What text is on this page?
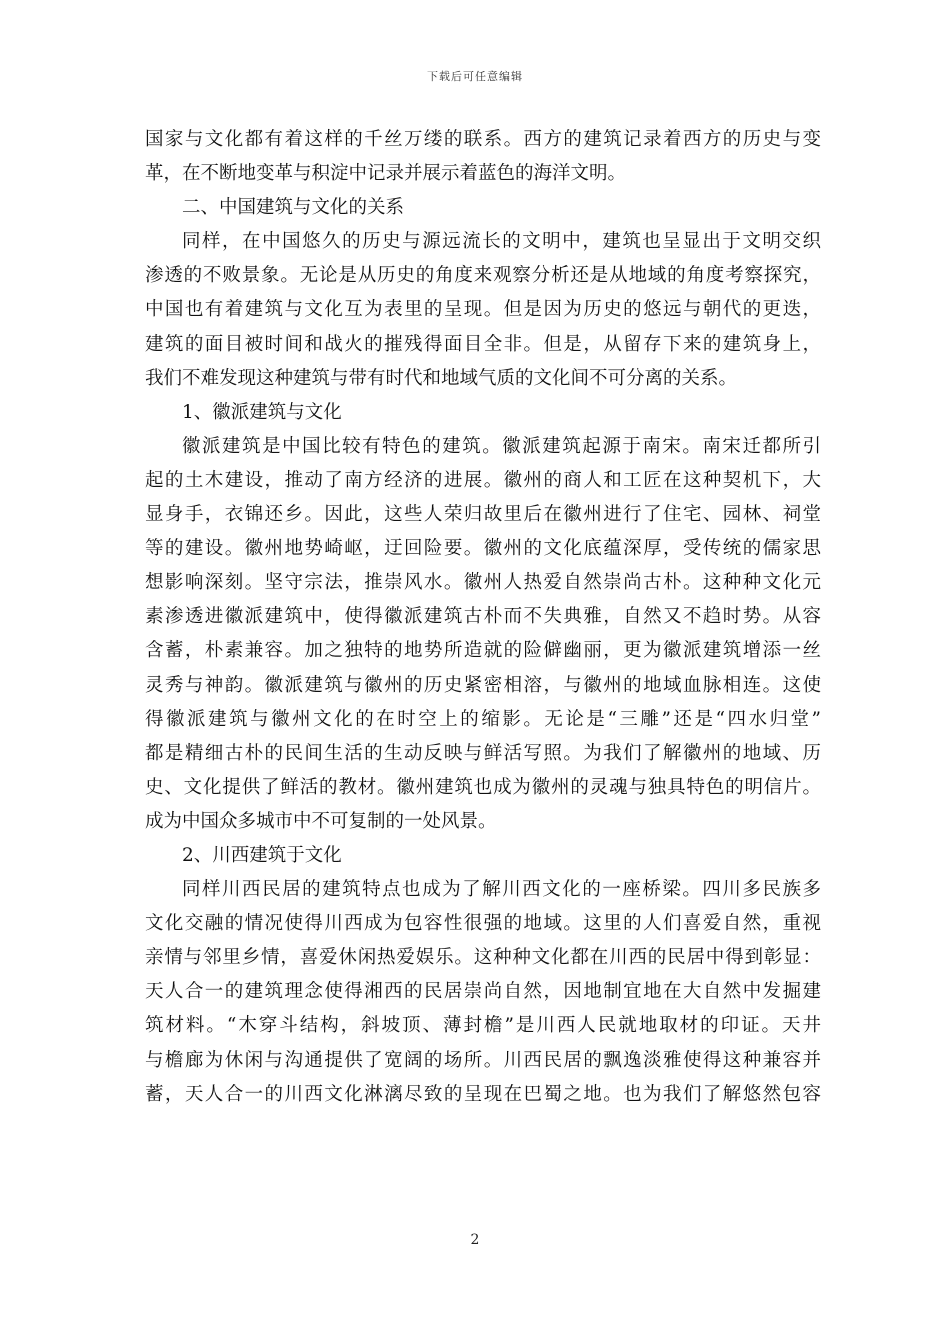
下载后可任意编辑
国家与文化都有着这样的千丝万缕的联系。西方的建筑记录着西方的历史与变
革，在不断地变革与积淀中记录并展示着蓝色的海洋文明。
二、中国建筑与文化的关系
同样，在中国悠久的历史与源远流长的文明中，建筑也呈显出于文明交织
渗透的不败景象。无论是从历史的角度来观察分析还是从地域的角度考察探究，
中国也有着建筑与文化互为表里的呈现。但是因为历史的悠远与朝代的更迭，
建筑的面目被时间和战火的摧残得面目全非。但是，从留存下来的建筑身上，
我们不难发现这种建筑与带有时代和地域气质的文化间不可分离的关系。
1、徽派建筑与文化
徽派建筑是中国比较有特色的建筑。徽派建筑起源于南宋。南宋迁都所引
起的土木建设，推动了南方经济的进展。徽州的商人和工匠在这种契机下，大
显身手，衣锦还乡。因此，这些人荣归故里后在徽州进行了住宅、园林、祠堂
等的建设。徽州地势崎岖，迂回险要。徽州的文化底蕴深厚，受传统的儒家思
想影响深刻。坚守宗法，推崇风水。徽州人热爱自然崇尚古朴。这种种文化元
素渗透进徽派建筑中，使得徽派建筑古朴而不失典雅，自然又不趋时势。从容
含蓄，朴素兼容。加之独特的地势所造就的险僻幽丽，更为徽派建筑增添一丝
灵秀与神韵。徽派建筑与徽州的历史紧密相溶，与徽州的地域血脉相连。这使
得徽派建筑与徽州文化的在时空上的缩影。无论是“三雕”还是“四水归堂”
都是精细古朴的民间生活的生动反映与鲜活写照。为我们了解徽州的地域、历
史、文化提供了鲜活的教材。徽州建筑也成为徽州的灵魂与独具特色的明信片。
成为中国众多城市中不可复制的一处风景。
2、川西建筑于文化
同样川西民居的建筑特点也成为了解川西文化的一座桥梁。四川多民族多
文化交融的情况使得川西成为包容性很强的地域。这里的人们喜爱自然，重视
亲情与邻里乡情，喜爱休闲热爱娱乐。这种种文化都在川西的民居中得到彰显：
天人合一的建筑理念使得湘西的民居崇尚自然，因地制宜地在大自然中发掘建
筑材料。“木穿斗结构，斜坡顶、薄封檐”是川西人民就地取材的印证。天井
与檐廊为休闲与沟通提供了宽阔的场所。川西民居的飘逸淡雅使得这种兼容并
蓄，天人合一的川西文化淋漓尽致的呈现在巴蜀之地。也为我们了解悠然包容
2
